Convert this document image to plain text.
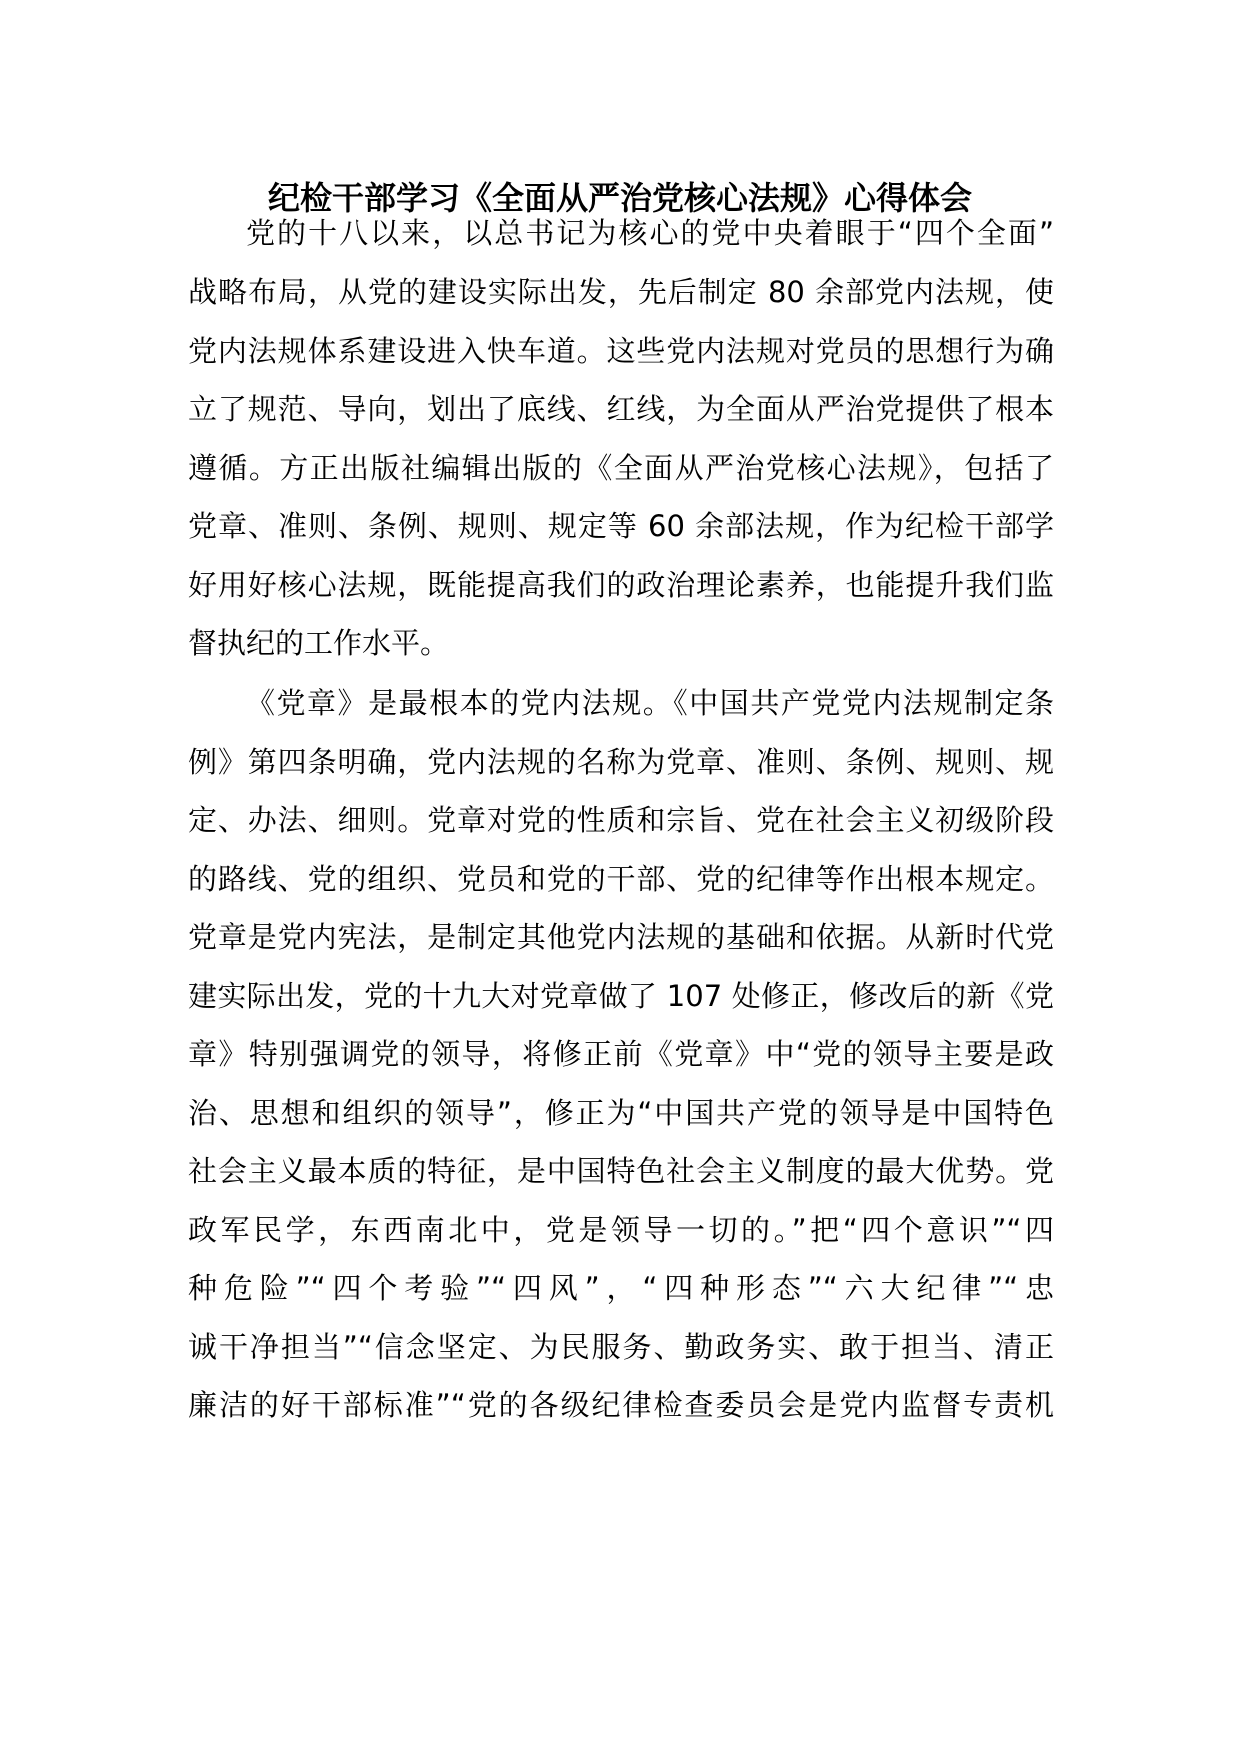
纪检干部学习《全面从严治党核心法规》心得体会
党的十八以来，以总书记为核心的党中央着眼于“四个全面”
战略布局，从党的建设实际出发，先后制定 80 余部党内法规，使
党内法规体系建设进入快车道。这些党内法规对党员的思想行为确
立了规范、导向，划出了底线、红线，为全面从严治党提供了根本
遵循。方正出版社编辑出版的《全面从严治党核心法规》，包括了
党章、准则、条例、规则、规定等 60 余部法规，作为纪检干部学
好用好核心法规，既能提高我们的政治理论素养，也能提升我们监
督执纪的工作水平。
《党章》是最根本的党内法规。《中国共产党党内法规制定条
例》第四条明确，党内法规的名称为党章、准则、条例、规则、规
定、办法、细则。党章对党的性质和宗旨、党在社会主义初级阶段
的路线、党的组织、党员和党的干部、党的纪律等作出根本规定。
党章是党内宪法，是制定其他党内法规的基础和依据。从新时代党
建实际出发，党的十九大对党章做了 107 处修正，修改后的新《党
章》特别强调党的领导，将修正前《党章》中“党的领导主要是政
治、思想和组织的领导”，修正为“中国共产党的领导是中国特色
社会主义最本质的特征，是中国特色社会主义制度的最大优势。党
政军民学，东西南北中，党是领导一切的。”把“四个意识”“四
种危险”“四个考验”“四风”，“四种形态”“六大纪律”“忠
诚干净担当”“信念坚定、为民服务、勤政务实、敢于担当、清正
廉洁的好干部标准”“党的各级纪律检查委员会是党内监督专责机
